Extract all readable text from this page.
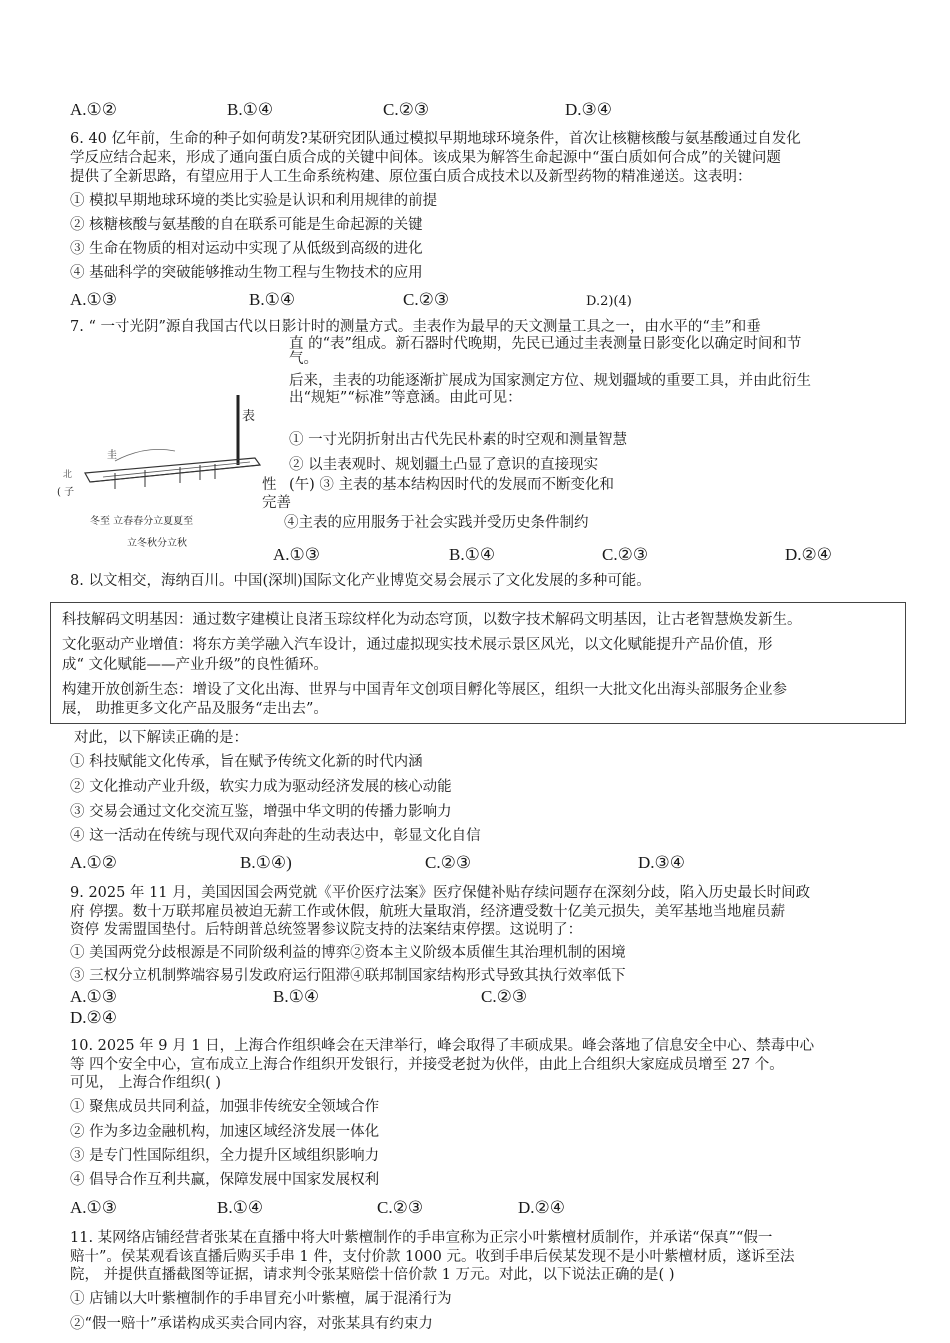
A.①②	B.①④	C.②③	D.③④
6. 40 亿年前，生命的种子如何萌发?某研究团队通过模拟早期地球环境条件，首次让核糖核酸与氨基酸通过自发化
学反应结合起来，形成了通向蛋白质合成的关键中间体。该成果为解答生命起源中“蛋白质如何合成”的关键问题
提供了全新思路，有望应用于人工生命系统构建、原位蛋白质合成技术以及新型药物的精准递送。这表明：
① 模拟早期地球环境的类比实验是认识和利用规律的前提
② 核糖核酸与氨基酸的自在联系可能是生命起源的关键
③ 生命在物质的相对运动中实现了从低级到高级的进化
④ 基础科学的突破能够推动生物工程与生物技术的应用
A.①③	B.①④	C.②③	D.2)(4)
7. “ 一寸光阴”源自我国古代以日影计时的测量方式。圭表作为最早的天文测量工具之一，由水平的“圭”和垂
直 的“表”组成。新石器时代晚期，先民已通过圭表测量日影变化以确定时间和节
气。
后来，圭表的功能逐渐扩展成为国家测定方位、规划疆域的重要工具，并由此衍生
出“规矩”“标准”等意涵。由此可见：
表
圭
北
( 子
冬至 立春春分立夏夏至
立冬秋分立秋
① 一寸光阴折射出古代先民朴素的时空观和测量智慧
② 以圭表观时、规划疆土凸显了意识的直接现实
性 (午) ③ 主表的基本结构因时代的发展而不断变化和
完善
④主表的应用服务于社会实践并受历史条件制约
A.①③	B.①④	C.②③	D.②④
8. 以文相交，海纳百川。中国(深圳)国际文化产业博览交易会展示了文化发展的多种可能。
科技解码文明基因：通过数字建模让良渚玉琮纹样化为动态穹顶，以数字技术解码文明基因，让古老智慧焕发新生。
文化驱动产业增值：将东方美学融入汽车设计，通过虚拟现实技术展示景区风光，以文化赋能提升产品价值，形
成“ 文化赋能——产业升级”的良性循环。
构建开放创新生态：增设了文化出海、世界与中国青年文创项目孵化等展区，组织一大批文化出海头部服务企业参
展， 助推更多文化产品及服务“走出去”。
对此，以下解读正确的是：
① 科技赋能文化传承，旨在赋予传统文化新的时代内涵
② 文化推动产业升级，软实力成为驱动经济发展的核心动能
③ 交易会通过文化交流互鉴，增强中华文明的传播力影响力
④ 这一活动在传统与现代双向奔赴的生动表达中，彰显文化自信
A.①②	B.①④)	C.②③	D.③④
9. 2025 年 11 月，美国因国会两党就《平价医疗法案》医疗保健补贴存续问题存在深刻分歧，陷入历史最长时间政
府 停摆。数十万联邦雇员被迫无薪工作或休假，航班大量取消，经济遭受数十亿美元损失，美军基地当地雇员薪
资停 发需盟国垫付。后特朗普总统签署参议院支持的法案结束停摆。这说明了：
① 美国两党分歧根源是不同阶级利益的博弈②资本主义阶级本质催生其治理机制的困境
③ 三权分立机制弊端容易引发政府运行阻滞④联邦制国家结构形式导致其执行效率低下
A.①③	B.①④	C.②③
D.②④
10. 2025 年 9 月 1 日，上海合作组织峰会在天津举行，峰会取得了丰硕成果。峰会落地了信息安全中心、禁毒中心
等 四个安全中心，宣布成立上海合作组织开发银行，并接受老挝为伙伴，由此上合组织大家庭成员增至 27 个。
可见， 上海合作组织( )
① 聚焦成员共同利益，加强非传统安全领域合作
② 作为多边金融机构，加速区域经济发展一体化
③ 是专门性国际组织，全力提升区域组织影响力
④ 倡导合作互利共赢，保障发展中国家发展权利
A.①③	B.①④	C.②③	D.②④
11. 某网络店铺经营者张某在直播中将大叶紫檀制作的手串宣称为正宗小叶紫檀材质制作，并承诺“保真”“假一
赔十”。侯某观看该直播后购买手串 1 件，支付价款 1000 元。收到手串后侯某发现不是小叶紫檀材质，遂诉至法
院， 并提供直播截图等证据，请求判令张某赔偿十倍价款 1 万元。对此，以下说法正确的是( )
① 店铺以大叶紫檀制作的手串冒充小叶紫檀，属于混淆行为
②“假一赔十”承诺构成买卖合同内容，对张某具有约束力
